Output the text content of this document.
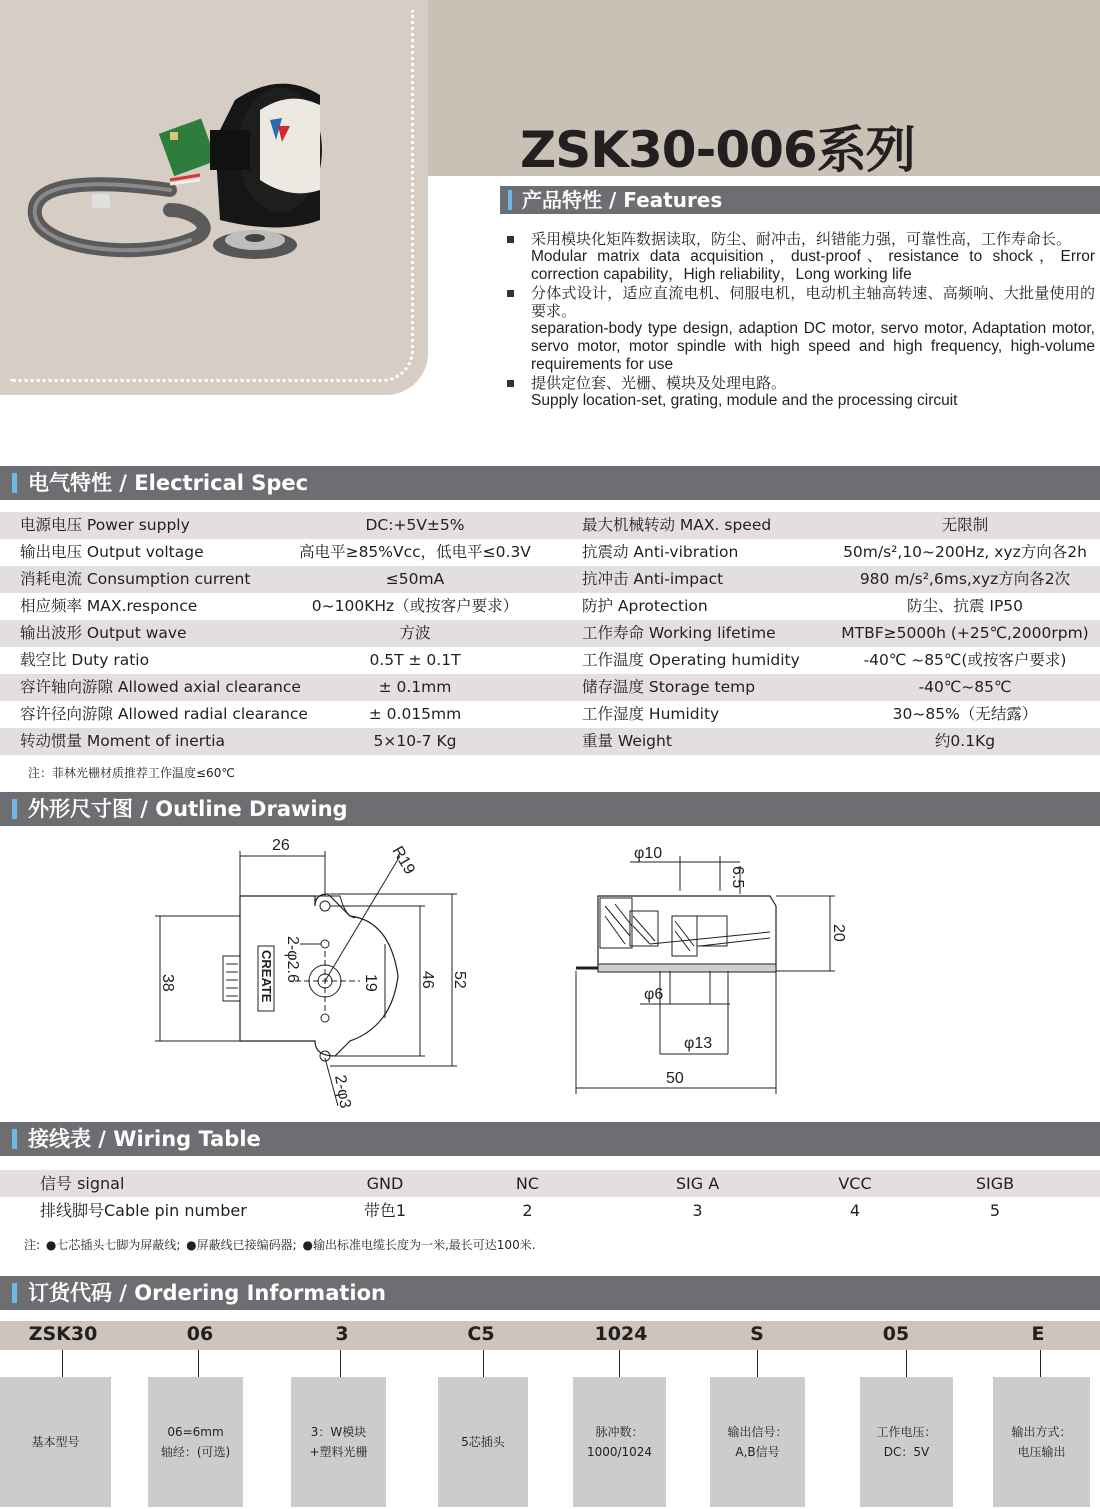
ZSK30-006系列
产品特性 / Features
采用模块化矩阵数据读取，防尘、耐冲击，纠错能力强，可靠性高，工作寿命长。
Modular matrix data acquisition，dust-proof、resistance to shock，Error correction capability，High reliability，Long working life
分体式设计，适应直流电机、伺服电机，电动机主轴高转速、高频响、大批量使用的要求。
separation-body type design, adaption DC motor, servo motor, Adaptation motor, servo motor, motor spindle with high speed and high frequency, high-volume requirements for use
提供定位套、光栅、模块及处理电路。
Supply location-set, grating, module and the processing circuit
电气特性 / Electrical Spec
电源电压 Power supply	DC:+5V±5%	最大机械转动 MAX. speed	无限制
输出电压 Output voltage	高电平≥85%Vcc，低电平≤0.3V	抗震动 Anti-vibration	50m/s²,10~200Hz, xyz方向各2h
消耗电流 Consumption current	≤50mA	抗冲击 Anti-impact	980 m/s²,6ms,xyz方向各2次
相应频率 MAX.responce	0~100KHz（或按客户要求）	防护 Aprotection	防尘、抗震 IP50
输出波形 Output wave	方波	工作寿命 Working lifetime	MTBF≥5000h (+25℃,2000rpm)
载空比 Duty ratio	0.5T ± 0.1T	工作温度 Operating humidity	-40℃ ~85℃(或按客户要求)
容许轴向游隙 Allowed axial clearance	± 0.1mm	储存温度 Storage temp	-40℃~85℃
容许径向游隙 Allowed radial clearance	± 0.015mm	工作湿度 Humidity	30~85%（无结露）
转动惯量 Moment of inertia	5×10-7 Kg	重量 Weight	约0.1Kg
注：菲林光栅材质推荐工作温度≤60℃
外形尺寸图 / Outline Drawing
26
CREATE
R19
2-φ2.6
38	19	46 52
2-φ3
φ10
6.5
20
φ6
φ13
50
接线表 / Wiring Table
信号 signal	GND	NC	SIG A	VCC	SIGB
排线脚号Cable pin number	带色1	2	3	4	5
注: ●七芯插头七脚为屏蔽线; ●屏蔽线已接编码器; ●输出标准电缆长度为一米,最长可达100米.
订货代码 / Ordering Information
ZSK30	06	3	C5	1024	S	05	E
基本型号
06=6mm
轴经：(可选)
3：W模块
+塑料光栅
5芯插头
脉冲数：
1000/1024
输出信号：
A,B信号
工作电压：
DC：5V
输出方式：
电压输出
